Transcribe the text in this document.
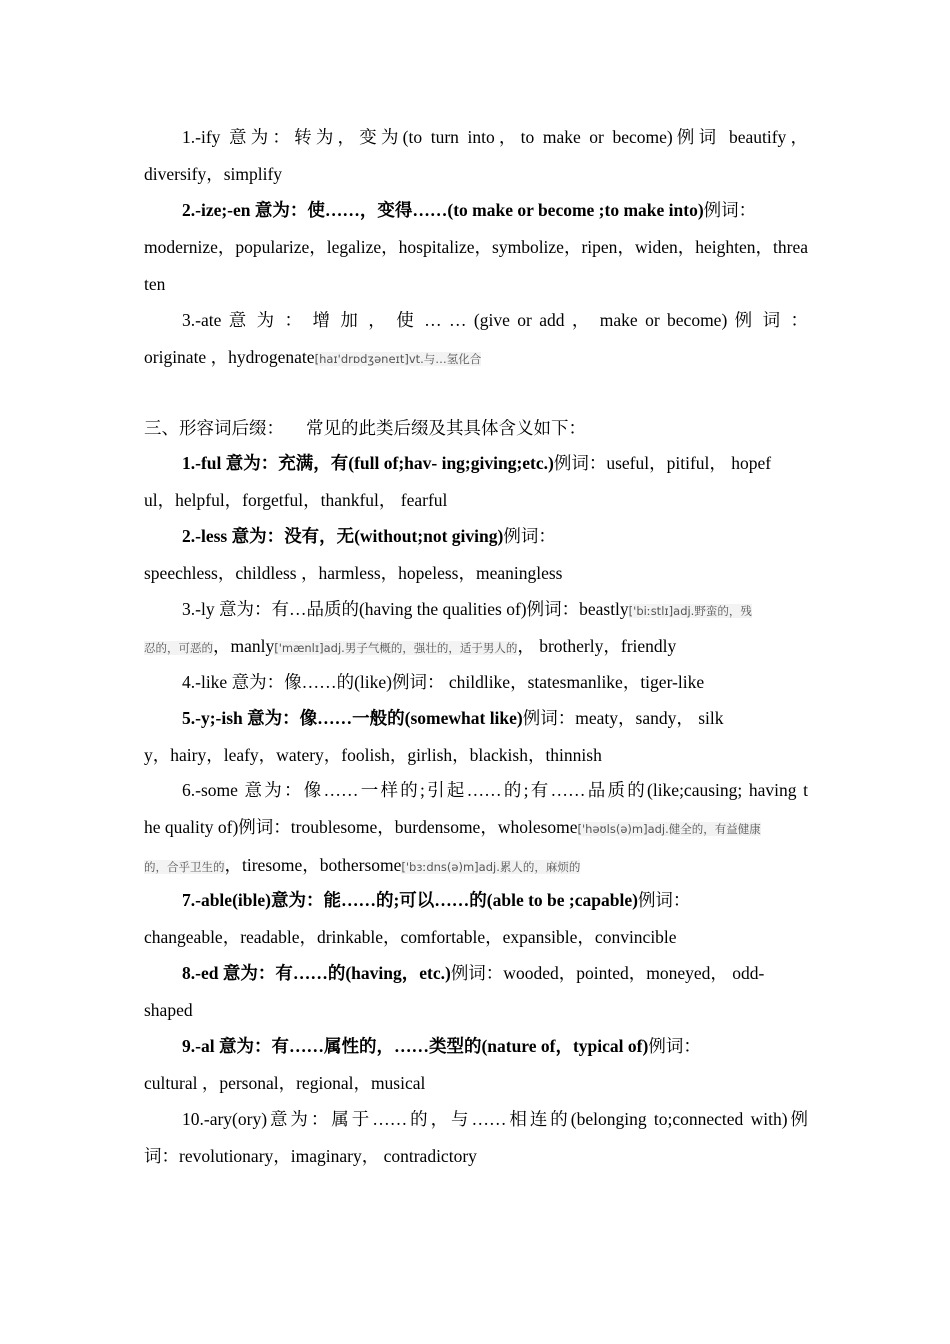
1.-ify 意为：转为，变为(to turn into，to make or become)例词 beautify，
diversify，simplify
2.-ize;-en 意为：使……，变得……(to make or become ;to make into)例词：
modernize，popularize，legalize，hospitalize，symbolize，ripen，widen，heighten，threa
ten
3.-ate 意 为 ： 增 加 ， 使 … … (give or add ， make or become) 例 词 ：
originate ，hydrogenate[haɪ'drɒdʒəneɪt]vt.与…氢化合
三、形容词后缀： 常见的此类后缀及其具体含义如下：
1.-ful 意为：充满，有(full of;hav- ing;giving;etc.)例词：useful，pitiful， hopef
ul，helpful，forgetful，thankful， fearful
2.-less 意为：没有，无(without;not giving)例词：
speechless，childless ，harmless，hopeless，meaningless
3.-ly 意为：有…品质的(having the qualities of)例词：beastly['biːstlɪ]adj.野蛮的，残
忍的，可恶的，manly['mænlɪ]adj.男子气概的，强壮的，适于男人的， brotherly，friendly
4.-like 意为：像……的(like)例词： childlike，statesmanlike，tiger-like
5.-y;-ish 意为：像……一般的(somewhat like)例词：meaty，sandy， silk
y，hairy，leafy，watery，foolish，girlish，blackish，thinnish
6.-some 意为：像……一样的;引起……的;有……品质的(like;causing; having t
he quality of)例词：troublesome，burdensome，wholesome['həʊls(ə)m]adj.健全的，有益健康
的，合乎卫生的，tiresome，bothersome['bɜːdns(ə)m]adj.累人的，麻烦的
7.-able(ible)意为：能……的;可以……的(able to be ;capable)例词：
changeable，readable，drinkable，comfortable，expansible，convincible
8.-ed 意为：有……的(having，etc.)例词：wooded，pointed，moneyed， odd-
shaped
9.-al 意为：有……属性的，……类型的(nature of，typical of)例词：
cultural ，personal，regional，musical
10.-ary(ory)意为：属于……的，与……相连的(belonging to;connected with)例
词：revolutionary，imaginary， contradictory
